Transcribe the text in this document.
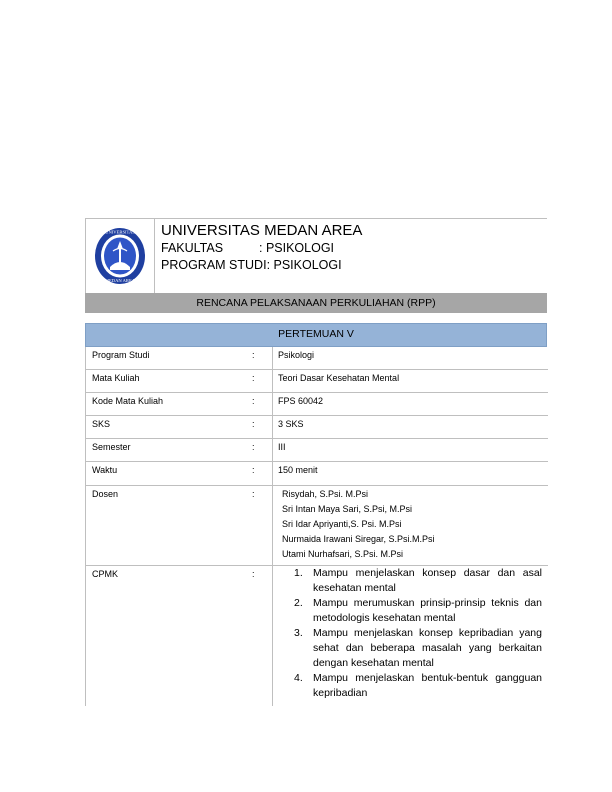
UNIVERSITAS
MEDAN AREA
UNIVERSITAS MEDAN AREA
FAKULTAS	: PSIKOLOGI
PROGRAM STUDI: PSIKOLOGI
RENCANA PELAKSANAAN PERKULIAHAN (RPP)
PERTEMUAN V
Program Studi	:	Psikologi
Mata Kuliah	:	Teori Dasar Kesehatan Mental
Kode Mata Kuliah	:	FPS 60042
SKS	:	3 SKS
Semester	:	III
Waktu	:	150 menit
Dosen	:	Risydah, S.Psi. M.Psi
Sri Intan Maya Sari, S.Psi, M.Psi
Sri Idar Apriyanti,S. Psi. M.Psi
Nurmaida Irawani Siregar, S.Psi.M.Psi
Utami Nurhafsari, S.Psi. M.Psi
CPMK	:	1. Mampu menjelaskan konsep dasar dan asal kesehatan mental
2. Mampu merumuskan prinsip-prinsip teknis dan metodologis kesehatan mental
3. Mampu menjelaskan konsep kepribadian yang sehat dan beberapa masalah yang berkaitan dengan kesehatan mental
4. Mampu menjelaskan bentuk-bentuk gangguan kepribadian
